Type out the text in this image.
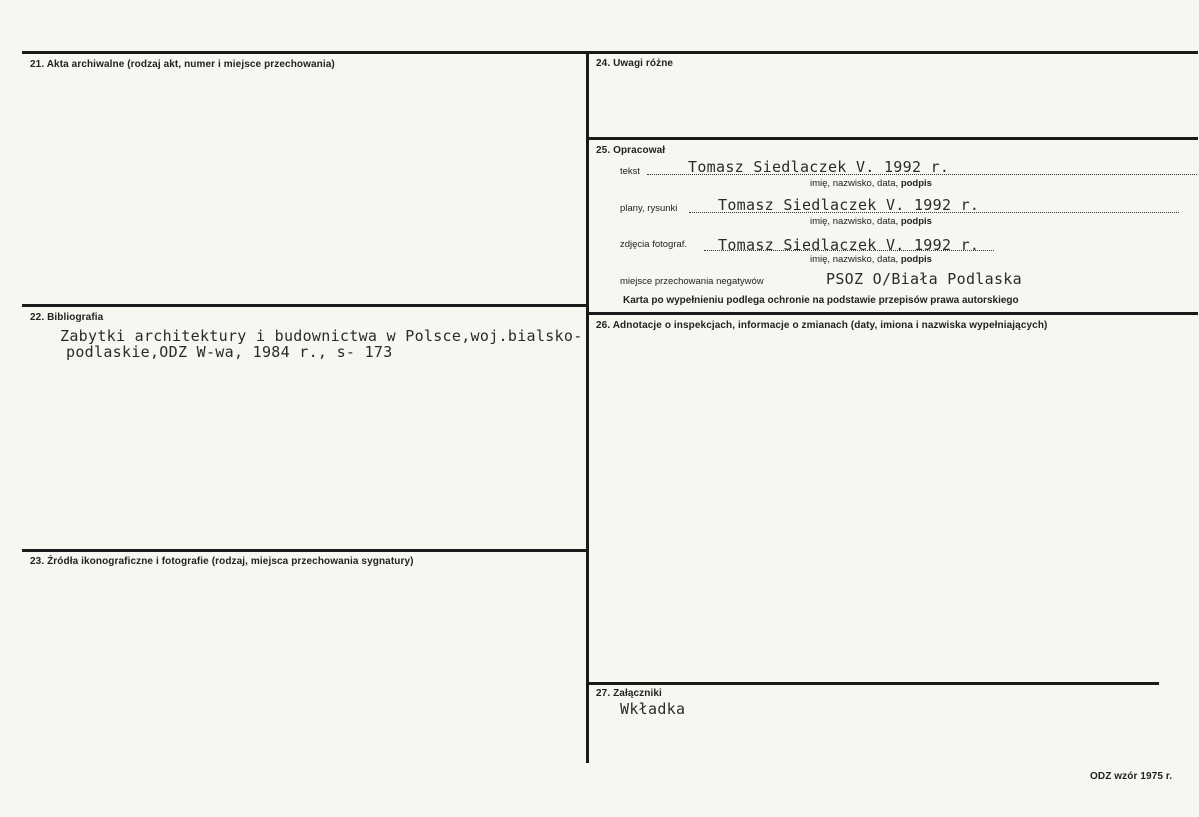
21. Akta archiwalne (rodzaj akt, numer i miejsce przechowania)
22. Bibliografia
Zabytki architektury i budownictwa w Polsce,woj.bialsko-
podlaskie,ODZ W-wa, 1984 r., s- 173
23. Źródła ikonograficzne i fotografie (rodzaj, miejsca przechowania sygnatury)
24. Uwagi różne
25. Opracował
tekst	Tomasz Siedlaczek V. 1992 r.
imię, nazwisko, data, podpis
plany, rysunki	Tomasz Siedlaczek V. 1992 r.
imię, nazwisko, data, podpis
zdjęcia fotograf. Tomasz Siedlaczek V. 1992 r.
imię, nazwisko, data, podpis
miejsce przechowania negatywów	PSOZ O/Biała Podlaska
Karta po wypełnieniu podlega ochronie na podstawie przepisów prawa autorskiego
26. Adnotacje o inspekcjach, informacje o zmianach (daty, imiona i nazwiska wypełniających)
27. Załączniki
Wkładka
ODZ wzór 1975 r.
